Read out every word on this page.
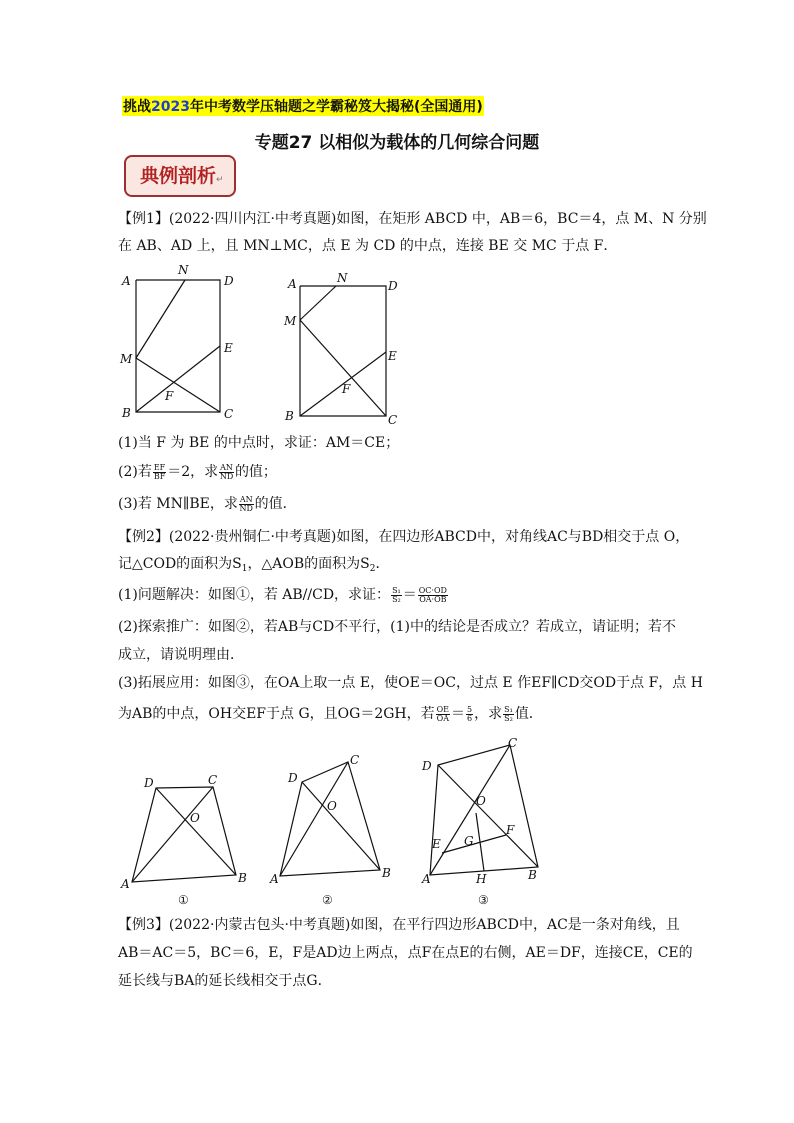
挑战2023年中考数学压轴题之学霸秘笈大揭秘(全国通用)
专题27 以相似为载体的几何综合问题
典例剖析↵
【例1】(2022·四川内江·中考真题)如图，在矩形 ABCD 中，AB＝6，BC＝4，点 M、N 分别
在 AB、AD 上，且 MN⊥MC，点 E 为 CD 的中点，连接 BE 交 MC 于点 F．
A
N
D
M
E
F
B	C
A	N
D
M
E
F
B	C
(1)当 F 为 BE 的中点时，求证：AM＝CE；
(2)若 $\frac{EF}{BF} =2$，求 $\frac{AN}{ND}$ 的值；
(3)若 MN∥BE，求 $\frac{AN}{ND}$ 的值．
【例2】(2022·贵州铜仁·中考真题)如图，在四边形ABCD中，对角线AC与BD相交于点 O，
记△COD的面积为$S_1$，△AOB的面积为$S_2$．
(1)问题解决：如图①，若 AB//CD，求证： $\frac{\text{S₁}}{\text{S₂}} = \frac{OC\cdot OD}{OA\cdot OB}$
(2)探索推广：如图②，若AB与CD不平行，(1)中的结论是否成立？若成立，请证明；若不
成立，请说明理由．
(3)拓展应用：如图③，在OA上取一点 E，使OE＝OC，过点 E 作EF∥CD交OD于点 F，点 H
为AB的中点，OH交EF于点 G，且OG＝2GH，若 $\frac{OE}{OA} = \frac{5}{6}$ ，求 $\frac{\text{S₁}}{\text{S₂}}$ 值．
D	C
O
A	B
①
D
C
O
A	B
②
D
C
O
E G
F
A	H	B
③
【例3】(2022·内蒙古包头·中考真题)如图，在平行四边形ABCD中，AC是一条对角线，且
AB＝AC＝5，BC＝6，E，F是AD边上两点，点F在点E的右侧，AE＝DF，连接CE，CE的
延长线与BA的延长线相交于点G．
